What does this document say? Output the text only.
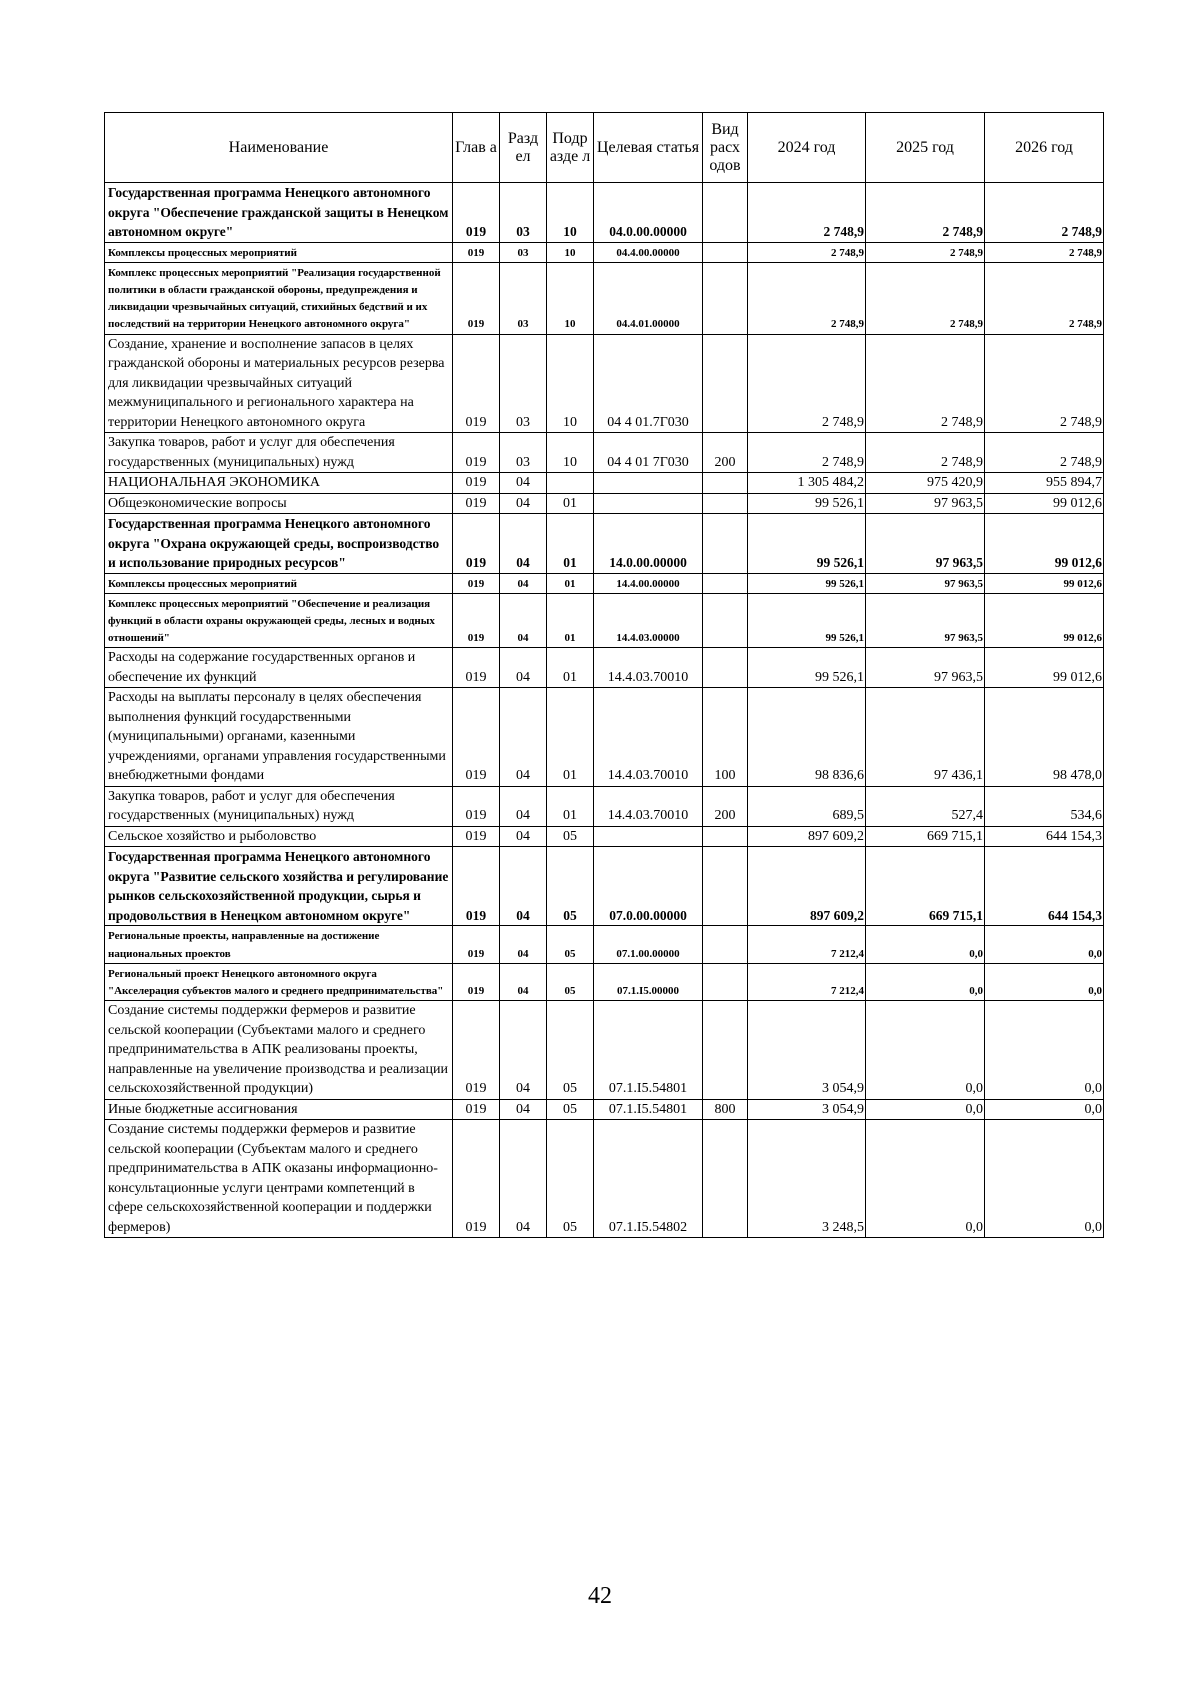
Наименование	Глав а	Разд ел	Подр азде л	Целевая статья	Вид расх одов	2024 год	2025 год	2026 год
Государственная программа Ненецкого автономного округа "Обеспечение гражданской защиты в Ненецком автономном округе"	019	03	10	04.0.00.00000		2 748,9	2 748,9	2 748,9
Комплексы процессных мероприятий	019	03	10	04.4.00.00000		2 748,9	2 748,9	2 748,9
Комплекс процессных мероприятий "Реализация государственной политики в области гражданской обороны, предупреждения и ликвидации чрезвычайных ситуаций, стихийных бедствий и их последствий на территории Ненецкого автономного округа"	019	03	10	04.4.01.00000		2 748,9	2 748,9	2 748,9
Создание, хранение и восполнение запасов в целях гражданской обороны и материальных ресурсов резерва для ликвидации чрезвычайных ситуаций межмуниципального и регионального характера на территории Ненецкого автономного округа	019	03	10	04 4 01.7Г030		2 748,9	2 748,9	2 748,9
Закупка товаров, работ и услуг для обеспечения государственных (муниципальных) нужд	019	03	10	04 4 01 7Г030	200	2 748,9	2 748,9	2 748,9
НАЦИОНАЛЬНАЯ ЭКОНОМИКА	019	04				1 305 484,2	975 420,9	955 894,7
Общеэкономические вопросы	019	04	01			99 526,1	97 963,5	99 012,6
Государственная программа Ненецкого автономного округа "Охрана окружающей среды, воспроизводство и использование природных ресурсов"	019	04	01	14.0.00.00000		99 526,1	97 963,5	99 012,6
Комплексы процессных мероприятий	019	04	01	14.4.00.00000		99 526,1	97 963,5	99 012,6
Комплекс процессных мероприятий "Обеспечение и реализация функций в области охраны окружающей среды, лесных и водных отношений"	019	04	01	14.4.03.00000		99 526,1	97 963,5	99 012,6
Расходы на содержание государственных органов и обеспечение их функций	019	04	01	14.4.03.70010		99 526,1	97 963,5	99 012,6
Расходы на выплаты персоналу в целях обеспечения выполнения функций государственными (муниципальными) органами, казенными учреждениями, органами управления государственными внебюджетными фондами	019	04	01	14.4.03.70010	100	98 836,6	97 436,1	98 478,0
Закупка товаров, работ и услуг для обеспечения государственных (муниципальных) нужд	019	04	01	14.4.03.70010	200	689,5	527,4	534,6
Сельское хозяйство и рыболовство	019	04	05			897 609,2	669 715,1	644 154,3
Государственная программа Ненецкого автономного округа "Развитие сельского хозяйства и регулирование рынков сельскохозяйственной продукции, сырья и продовольствия в Ненецком автономном округе"	019	04	05	07.0.00.00000		897 609,2	669 715,1	644 154,3
Региональные проекты, направленные на достижение национальных проектов	019	04	05	07.1.00.00000		7 212,4	0,0	0,0
Региональный проект Ненецкого автономного округа "Акселерация субъектов малого и среднего предпринимательства"	019	04	05	07.1.I5.00000		7 212,4	0,0	0,0
Создание системы поддержки фермеров и развитие сельской кооперации (Субъектами малого и среднего предпринимательства в АПК реализованы проекты, направленные на увеличение производства и реализации сельскохозяйственной продукции)	019	04	05	07.1.I5.54801		3 054,9	0,0	0,0
Иные бюджетные ассигнования	019	04	05	07.1.I5.54801	800	3 054,9	0,0	0,0
Создание системы поддержки фермеров и развитие сельской кооперации (Субъектам малого и среднего предпринимательства в АПК оказаны информационно-консультационные услуги центрами компетенций в сфере сельскохозяйственной кооперации и поддержки фермеров)	019	04	05	07.1.I5.54802		3 248,5	0,0	0,0
42
